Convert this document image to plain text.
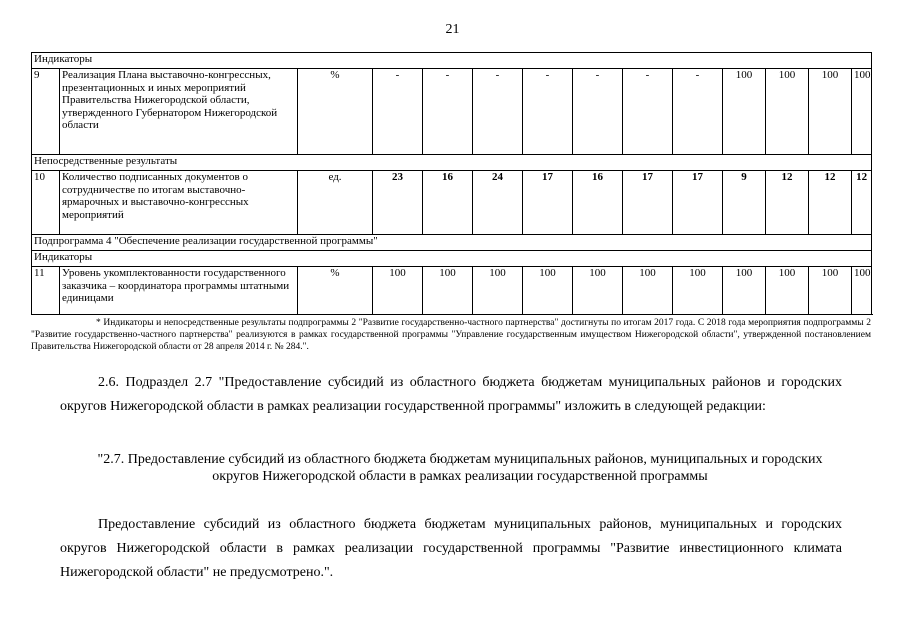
21
Индикаторы													
9	Реализация Плана выставочно-конгрессных, презентационных и иных мероприятий Правительства Нижегородской области, утвержденного Губернатором Нижегородской области	%	-	-	-	-	-	-	-	100	100	100	100
Непосредственные результаты													
10	Количество подписанных документов о сотрудничестве по итогам выставочно-ярмарочных и выставочно-конгрессных мероприятий	ед.	23	16	24	17	16	17	17	9	12	12	12
Подпрограмма 4 "Обеспечение реализации государственной программы"													
Индикаторы													
11	Уровень укомплектованности государственного заказчика – координатора программы штатными единицами	%	100	100	100	100	100	100	100	100	100	100	100
* Индикаторы и непосредственные результаты подпрограммы 2 "Развитие государственно-частного партнерства" достигнуты по итогам 2017 года. С 2018 года мероприятия подпрограммы 2 "Развитие государственно-частного партнерства" реализуются в рамках государственной программы "Управление государственным имуществом Нижегородской области", утвержденной постановлением Правительства Нижегородской области от 28 апреля 2014 г. № 284.".
2.6. Подраздел 2.7 "Предоставление субсидий из областного бюджета бюджетам муниципальных районов и городских округов Нижегородской области в рамках реализации государственной программы" изложить в следующей редакции:
"2.7. Предоставление субсидий из областного бюджета бюджетам муниципальных районов, муниципальных и городских округов Нижегородской области в рамках реализации государственной программы
Предоставление субсидий из областного бюджета бюджетам муниципальных районов, муниципальных и городских округов Нижегородской области в рамках реализации государственной программы "Развитие инвестиционного климата Нижегородской области" не предусмотрено.".
